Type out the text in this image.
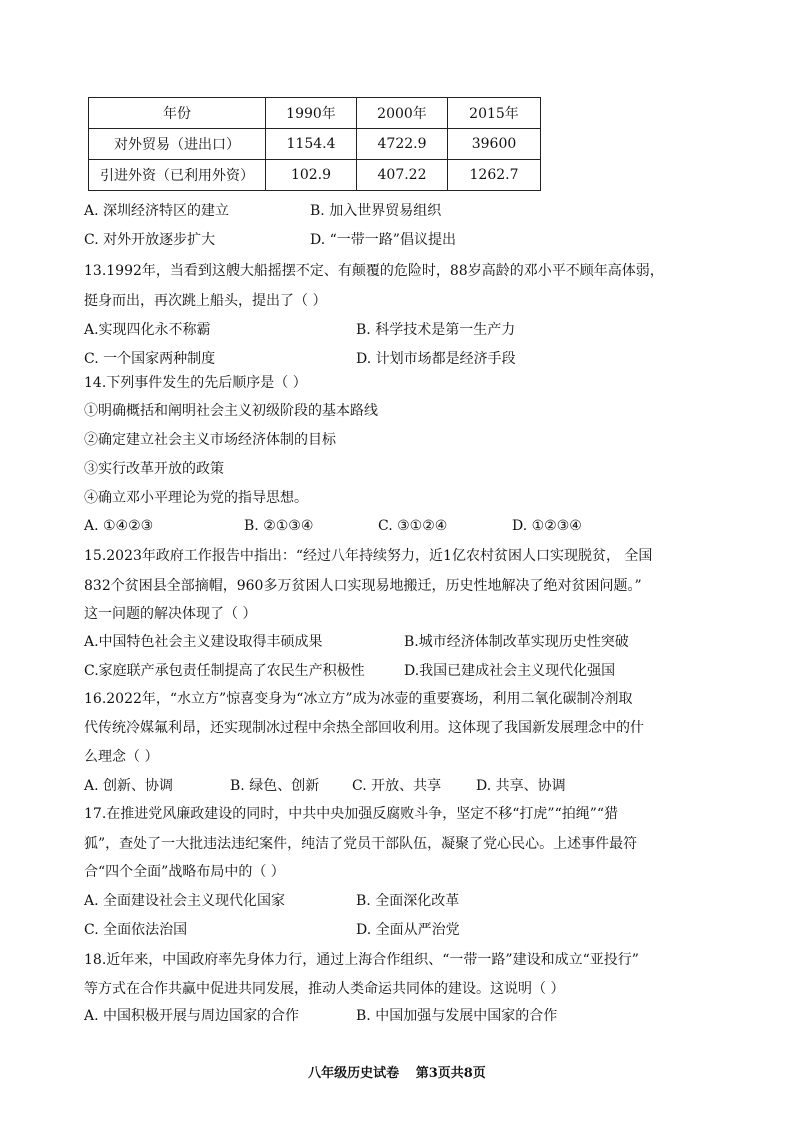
年份	1990年	2000年	2015年
对外贸易（进出口）	1154.4	4722.9	39600
引进外资（已利用外资）	102.9	407.22	1262.7
A. 深圳经济特区的建立	B. 加入世界贸易组织
C. 对外开放逐步扩大	D. “一带一路”倡议提出
13.1992年，当看到这艘大船摇摆不定、有颠覆的危险时，88岁高龄的邓小平不顾年高体弱，
挺身而出，再次跳上船头，提出了（ ）
A.实现四化永不称霸	B. 科学技术是第一生产力
C. 一个国家两种制度	D. 计划市场都是经济手段
14.下列事件发生的先后顺序是（ ）
①明确概括和阐明社会主义初级阶段的基本路线
②确定建立社会主义市场经济体制的目标
③实行改革开放的政策
④确立邓小平理论为党的指导思想。
A. ①④②③	B. ②①③④	C. ③①②④	D. ①②③④
15.2023年政府工作报告中指出：“经过八年持续努力，近1亿农村贫困人口实现脱贫， 全国
832个贫困县全部摘帽，960多万贫困人口实现易地搬迁，历史性地解决了绝对贫困问题。”
这一问题的解决体现了（ ）
A.中国特色社会主义建设取得丰硕成果	B.城市经济体制改革实现历史性突破
C.家庭联产承包责任制提高了农民生产积极性	D.我国已建成社会主义现代化强国
16.2022年，“水立方”惊喜变身为“冰立方”成为冰壶的重要赛场，利用二氧化碳制冷剂取
代传统冷媒氟利昂，还实现制冰过程中余热全部回收利用。这体现了我国新发展理念中的什
么理念（ ）
A. 创新、协调	B. 绿色、创新 C. 开放、共享 D. 共享、协调
17.在推进党风廉政建设的同时，中共中央加强反腐败斗争，坚定不移“打虎”“拍绳”“猎
狐”，查处了一大批违法违纪案件，纯洁了党员干部队伍，凝聚了党心民心。上述事件最符
合“四个全面”战略布局中的（ ）
A. 全面建设社会主义现代化国家	B. 全面深化改革
C. 全面依法治国	D. 全面从严治党
18.近年来，中国政府率先身体力行，通过上海合作组织、“一带一路”建设和成立“亚投行”
等方式在合作共赢中促进共同发展，推动人类命运共同体的建设。这说明（ ）
A. 中国积极开展与周边国家的合作	B. 中国加强与发展中国家的合作
八年级历史试卷 第3页共8页
